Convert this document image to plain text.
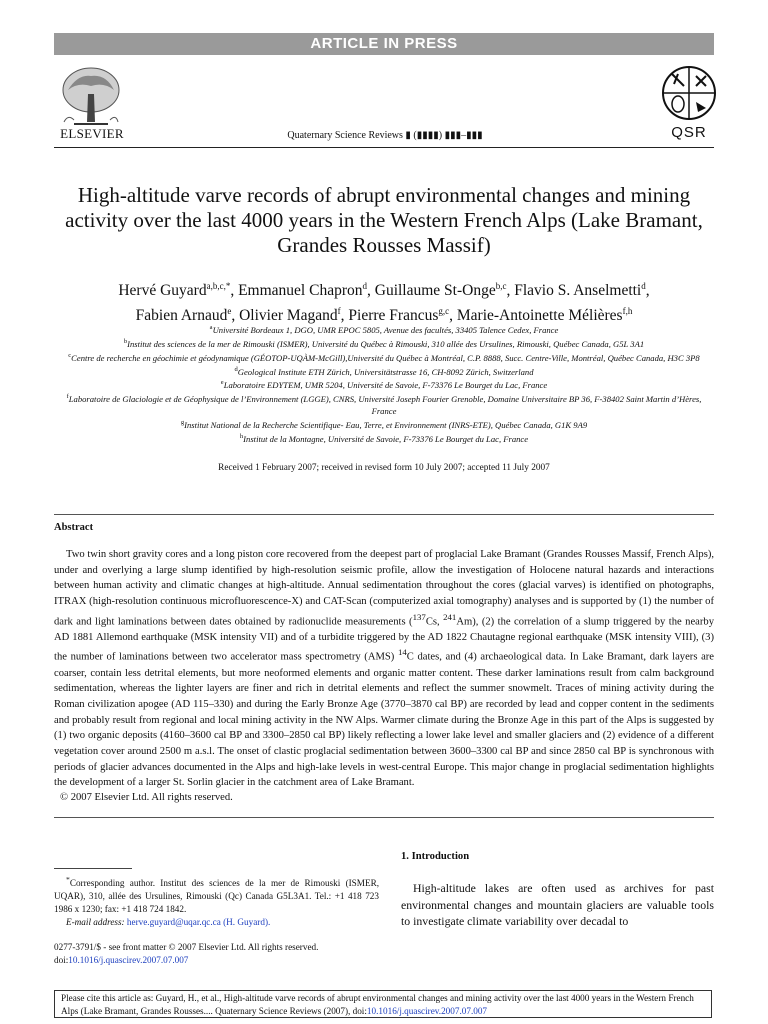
ARTICLE IN PRESS
ELSEVIER	Quaternary Science Reviews ▮ (▮▮▮▮) ▮▮▮–▮▮▮	QSR
High-altitude varve records of abrupt environmental changes and mining activity over the last 4000 years in the Western French Alps (Lake Bramant, Grandes Rousses Massif)
Hervé Guyard$^{a,b,c,*}$, Emmanuel Chapron$^d$, Guillaume St-Onge$^{b,c}$, Flavio S. Anselmetti$^d$,
Fabien Arnaud$^e$, Olivier Magand$^f$, Pierre Francus$^{g,c}$, Marie-Antoinette Mélières$^{f,h}$

$^a$Université Bordeaux 1, DGO, UMR EPOC 5805, Avenue des facultés, 33405 Talence Cedex, France

$^b$Institut des sciences de la mer de Rimouski (ISMER), Université du Québec à Rimouski, 310 allée des Ursulines, Rimouski, Québec Canada, G5L 3A1

$^c$Centre de recherche en géochimie et géodynamique (GÉOTOP-UQÀM-McGill),Université du Québec à Montréal, C.P. 8888, Succ. Centre-Ville, Montréal, Québec Canada, H3C 3P8

$^d$Geological Institute ETH Zürich, Universitätstrasse 16, CH-8092 Zürich, Switzerland

$^e$Laboratoire EDYTEM, UMR 5204, Université de Savoie, F-73376 Le Bourget du Lac, France

$^f$Laboratoire de Glaciologie et de Géophysique de l’Environnement (LGGE), CNRS, Université Joseph Fourier Grenoble, Domaine Universitaire BP 36, F-38402 Saint Martin d’Hères, France

$^g$Institut National de la Recherche Scientifique- Eau, Terre, et Environnement (INRS-ETE), Québec Canada, G1K 9A9

$^h$Institut de la Montagne, Université de Savoie, F-73376 Le Bourget du Lac, France

Received 1 February 2007; received in revised form 10 July 2007; accepted 11 July 2007
Abstract

Two twin short gravity cores and a long piston core recovered from the deepest part of proglacial Lake Bramant (Grandes Rousses Massif, French Alps), under and overlying a large slump identified by high-resolution seismic profile, allow the investigation of Holocene natural hazards and interactions between human activity and climatic changes at high-altitude. Annual sedimentation throughout the cores (glacial varves) is identified on photographs, ITRAX (high-resolution continuous microfluorescence-X) and CAT-Scan (computerized axial tomography) analyses and is supported by (1) the number of dark and light laminations between dates obtained by radionuclide measurements ($^{137}$Cs, $^{241}$Am), (2) the correlation of a slump triggered by the nearby AD 1881 Allemond earthquake (MSK intensity VII) and of a turbidite triggered by the AD 1822 Chautagne regional earthquake (MSK intensity VIII), (3) the number of laminations between two accelerator mass spectrometry (AMS) $^{14}$C dates, and (4) archaeological data. In Lake Bramant, dark layers are coarser, contain less detrital elements, but more neoformed elements and organic matter content. These darker laminations result from calm background sedimentation, whereas the lighter layers are finer and rich in detrital elements and reflect the summer snowmelt. Traces of mining activity during the Roman civilization apogee (AD 115–330) and during the Early Bronze Age (3770–3870 cal BP) are recorded by lead and copper content in the sediments and probably result from regional and local mining activity in the NW Alps. Warmer climate during the Bronze Age in this part of the Alps is suggested by (1) two organic deposits (4160–3600 cal BP and 3300–2850 cal BP) likely reflecting a lower lake level and smaller glaciers and (2) evidence of a different vegetation cover around 2500 m a.s.l. The onset of clastic proglacial sedimentation between 3600–3300 cal BP and since 2850 cal BP is synchronous with periods of glacier advances documented in the Alps and high-lake levels in west-central Europe. This major change in proglacial sedimentation highlights the development of a larger St. Sorlin glacier in the catchment area of Lake Bramant.

© 2007 Elsevier Ltd. All rights reserved.

*Corresponding author. Institut des sciences de la mer de Rimouski (ISMER, UQAR), 310, allée des Ursulines, Rimouski (Qc) Canada G5L3A1. Tel.: +1 418 723 1986 x 1230; fax: +1 418 724 1842.
E-mail address: herve.guyard@uqar.qc.ca (H. Guyard).

0277-3791/$ - see front matter © 2007 Elsevier Ltd. All rights reserved.
doi:10.1016/j.quascirev.2007.07.007
1. Introduction

High-altitude lakes are often used as archives for past environmental changes and mountain glaciers are valuable tools to investigate climate variability over decadal to

Please cite this article as: Guyard, H., et al., High-altitude varve records of abrupt environmental changes and mining activity over the last 4000 years in the Western French Alps (Lake Bramant, Grandes Rousses.... Quaternary Science Reviews (2007), doi:10.1016/j.quascirev.2007.07.007
